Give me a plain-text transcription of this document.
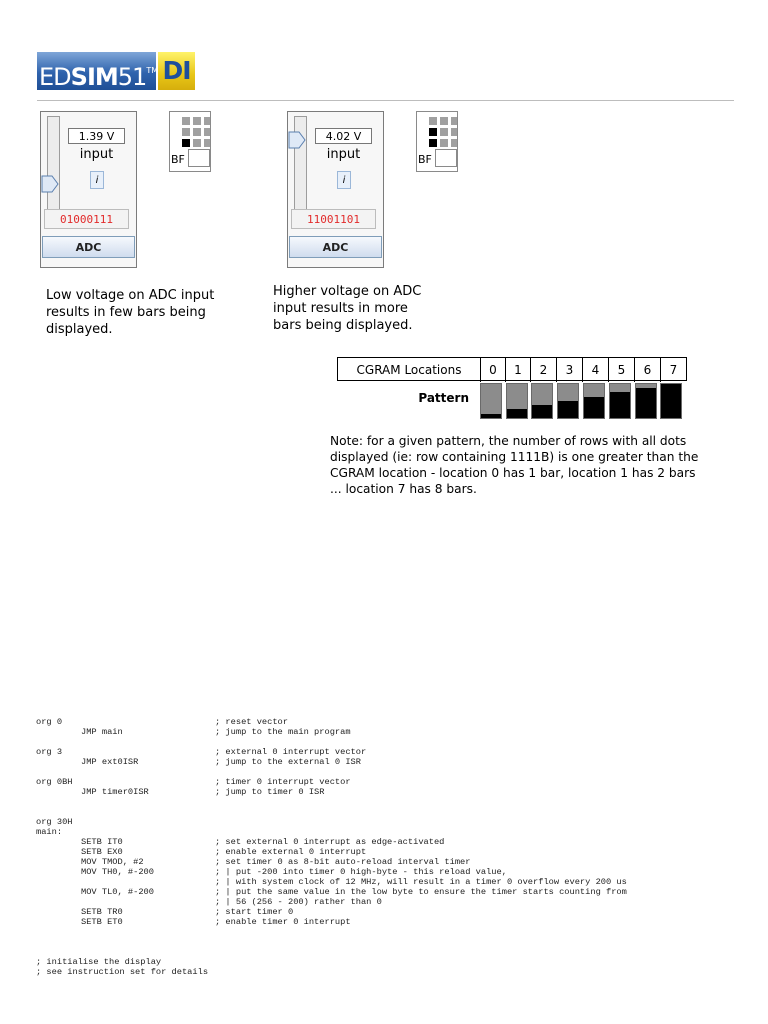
EDSIM51™ DI
1.39 V
input
i
01000111
ADC
BF
Low voltage on ADC input
results in few bars being
displayed.
4.02 V
input
i
11001101
ADC
BF
Higher voltage on ADC
input results in more
bars being displayed.
CGRAM Locations	0	1	2	3	4	5	6	7
Pattern
Note: for a given pattern, the number of rows with all dots
displayed (ie: row containing 1111B) is one greater than the
CGRAM location - location 0 has 1 bar, location 1 has 2 bars
... location 7 has 8 bars.
org 0	; reset vector
JMP main	; jump to the main program
org 3	; external 0 interrupt vector
JMP ext0ISR	; jump to the external 0 ISR
org 0BH	; timer 0 interrupt vector
JMP timer0ISR	; jump to timer 0 ISR
org 30H
main:
SETB IT0	; set external 0 interrupt as edge-activated
SETB EX0	; enable external 0 interrupt
MOV TMOD, #2	; set timer 0 as 8-bit auto-reload interval timer
MOV TH0, #-200	; | put -200 into timer 0 high-byte - this reload value,
; | with system clock of 12 MHz, will result in a timer 0 overflow every 200 us
MOV TL0, #-200	; | put the same value in the low byte to ensure the timer starts counting from
; | 56 (256 - 200) rather than 0
SETB TR0	; start timer 0
SETB ET0	; enable timer 0 interrupt
; initialise the display
; see instruction set for details
